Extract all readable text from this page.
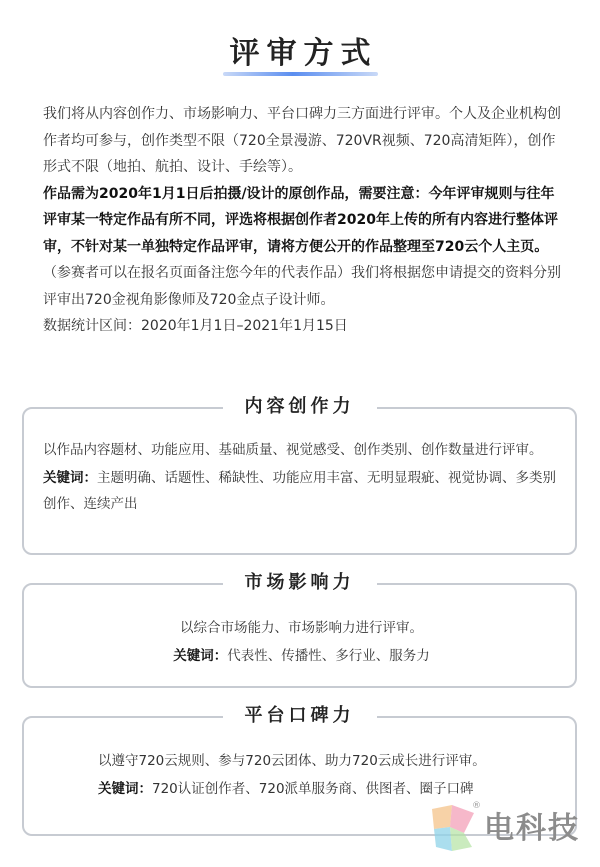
评审方式

我们将从内容创作力、市场影响力、平台口碑力三方面进行评审。个人及企业机构创作者均可参与，创作类型不限（720全景漫游、720VR视频、720高清矩阵），创作形式不限（地拍、航拍、设计、手绘等）。

作品需为2020年1月1日后拍摄/设计的原创作品，需要注意：今年评审规则与往年评审某一特定作品有所不同，评选将根据创作者2020年上传的所有内容进行整体评审，不针对某一单独特定作品评审，请将方便公开的作品整理至720云个人主页。（参赛者可以在报名页面备注您今年的代表作品）我们将根据您申请提交的资料分别评审出720金视角影像师及720金点子设计师。

数据统计区间：2020年1月1日–2021年1月15日

内容创作力
以作品内容题材、功能应用、基础质量、视觉感受、创作类别、创作数量进行评审。
关键词：主题明确、话题性、稀缺性、功能应用丰富、无明显瑕疵、视觉协调、多类别创作、连续产出
市场影响力
以综合市场能力、市场影响力进行评审。
关键词：代表性、传播性、多行业、服务力
平台口碑力
以遵守720云规则、参与720云团体、助力720云成长进行评审。
关键词：720认证创作者、720派单服务商、供图者、圈子口碑
®
电科技
